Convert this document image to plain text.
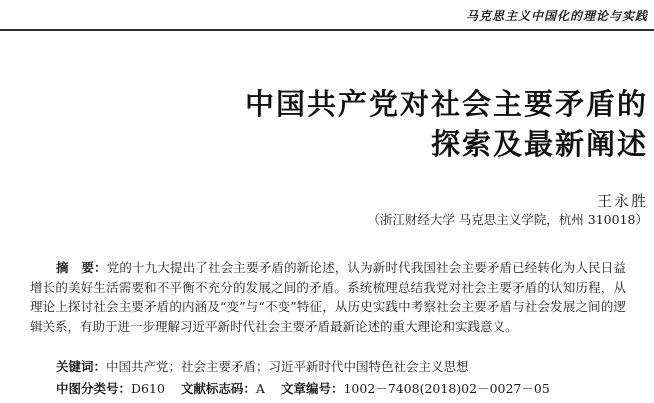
马克思主义中国化的理论与实践
中国共产党对社会主要矛盾的
探索及最新阐述
王永胜
（浙江财经大学 马克思主义学院，杭州 310018）
摘　要：党的十九大提出了社会主要矛盾的新论述，认为新时代我国社会主要矛盾已经转化为人民日益增长的美好生活需要和不平衡不充分的发展之间的矛盾。系统梳理总结我党对社会主要矛盾的认知历程，从理论上探讨社会主要矛盾的内涵及“变”与“不变”特征，从历史实践中考察社会主要矛盾与社会发展之间的逻辑关系，有助于进一步理解习近平新时代社会主要矛盾最新论述的重大理论和实践意义。
关键词：中国共产党；社会主要矛盾；习近平新时代中国特色社会主义思想
中图分类号：D610 文献标志码：A 文章编号：1002－7408(2018)02－0027－05
